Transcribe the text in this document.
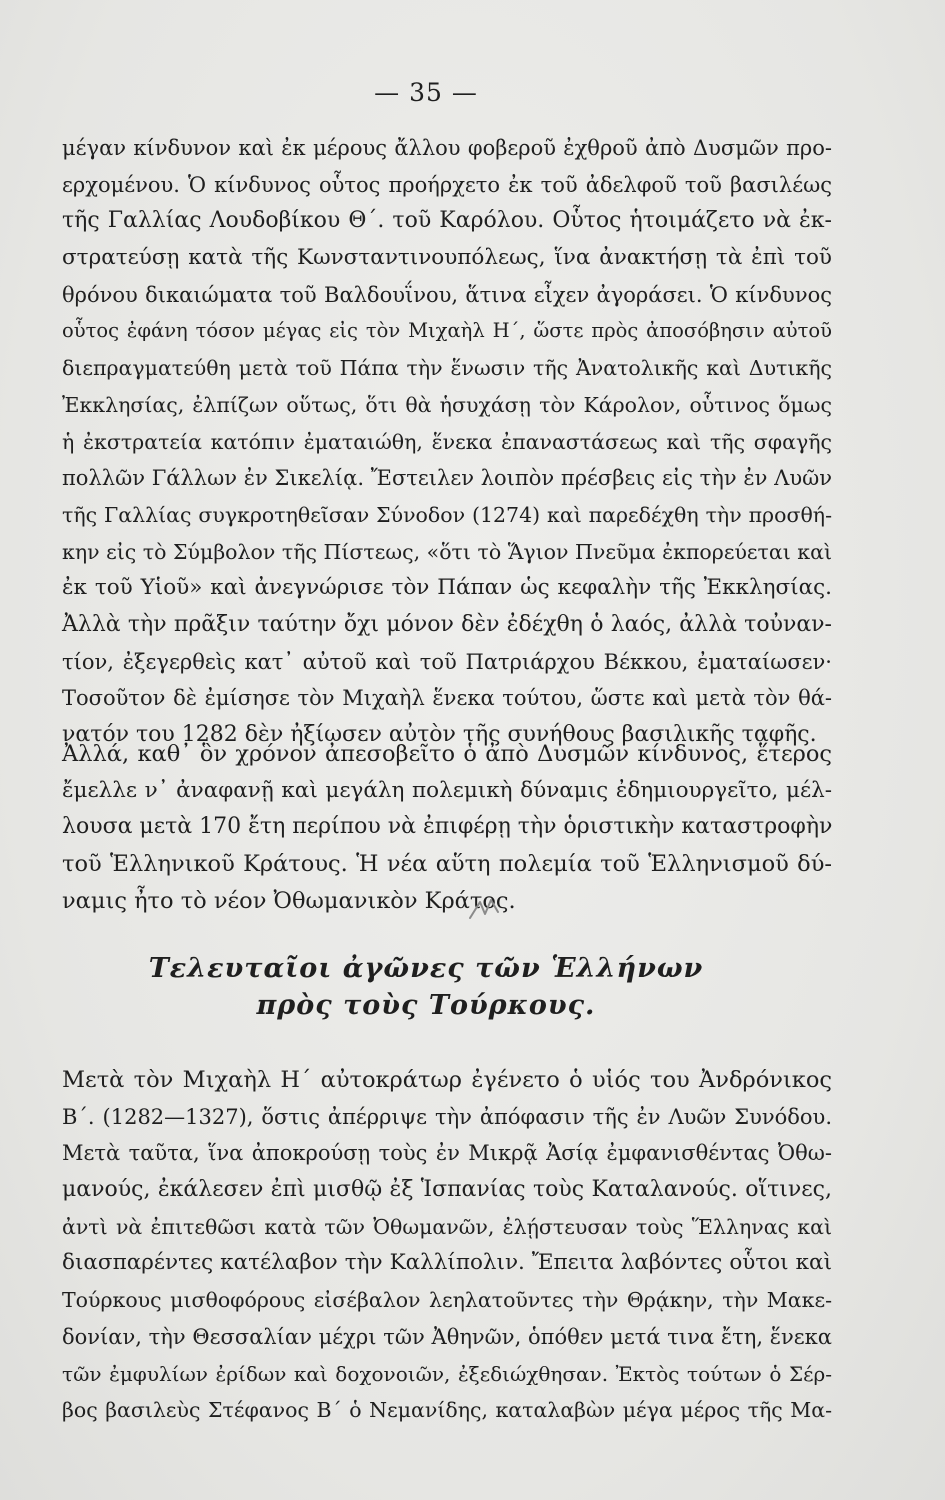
— 35 —
μέγαν κίνδυνον καὶ ἐκ μέρους ἄλλου φοβεροῦ ἐχθροῦ ἀπὸ Δυσμῶν προ-
ερχομένου. Ὁ κίνδυνος οὗτος προήρχετο ἐκ τοῦ ἀδελφοῦ τοῦ βασιλέως
τῆς Γαλλίας Λουδοβίκου Θ΄. τοῦ Καρόλου. Οὗτος ἡτοιμάζετο νὰ ἐκ-
στρατεύσῃ κατὰ τῆς Κωνσταντινουπόλεως, ἵνα ἀνακτήσῃ τὰ ἐπὶ τοῦ
θρόνου δικαιώματα τοῦ Βαλδουΐνου, ἅτινα εἶχεν ἀγοράσει. Ὁ κίνδυνος
οὗτος ἐφάνη τόσον μέγας εἰς τὸν Μιχαὴλ Η΄, ὥστε πρὸς ἀποσόβησιν αὐτοῦ
διεπραγματεύθη μετὰ τοῦ Πάπα τὴν ἕνωσιν τῆς Ἀνατολικῆς καὶ Δυτικῆς
Ἐκκλησίας, ἐλπίζων οὕτως, ὅτι θὰ ἡσυχάσῃ τὸν Κάρολον, οὗτινος ὅμως
ἡ ἐκστρατεία κατόπιν ἐματαιώθη, ἕνεκα ἐπαναστάσεως καὶ τῆς σφαγῆς
πολλῶν Γάλλων ἐν Σικελίᾳ. Ἔστειλεν λοιπὸν πρέσβεις εἰς τὴν ἐν Λυῶν
τῆς Γαλλίας συγκροτηθεῖσαν Σύνοδον (1274) καὶ παρεδέχθη τὴν προσθή-
κην εἰς τὸ Σύμβολον τῆς Πίστεως, «ὅτι τὸ Ἅγιον Πνεῦμα ἐκπορεύεται καὶ
ἐκ τοῦ Υἱοῦ» καὶ ἀνεγνώρισε τὸν Πάπαν ὡς κεφαλὴν τῆς Ἐκκλησίας.
Ἀλλὰ τὴν πρᾶξιν ταύτην ὄχι μόνον δὲν ἐδέχθη ὁ λαός, ἀλλὰ τοὐναν-
τίον, ἐξεγερθεὶς κατ᾽ αὐτοῦ καὶ τοῦ Πατριάρχου Βέκκου, ἐματαίωσεν·
Τοσοῦτον δὲ ἐμίσησε τὸν Μιχαὴλ ἕνεκα τούτου, ὥστε καὶ μετὰ τὸν θά-
νατόν του 1282 δὲν ἠξίωσεν αὐτὸν τῆς συνήθους βασιλικῆς ταφῆς.
Ἀλλά, καθ᾽ ὃν χρόνον ἀπεσοβεῖτο ὁ ἀπὸ Δυσμῶν κίνδυνος, ἕτερος
ἔμελλε ν᾽ ἀναφανῇ καὶ μεγάλη πολεμικὴ δύναμις ἐδημιουργεῖτο, μέλ-
λουσα μετὰ 170 ἔτη περίπου νὰ ἐπιφέρῃ τὴν ὁριστικὴν καταστροφὴν
τοῦ Ἑλληνικοῦ Κράτους. Ἡ νέα αὕτη πολεμία τοῦ Ἑλληνισμοῦ δύ-
ναμις ἦτο τὸ νέον Ὀθωμανικὸν Κράτος.
Τελευταῖοι ἀγῶνες τῶν Ἑλλήνων
πρὸς τοὺς Τούρκους.
Μετὰ τὸν Μιχαὴλ Η΄ αὐτοκράτωρ ἐγένετο ὁ υἱός του Ἀνδρόνικος
Β΄. (1282—1327), ὅστις ἀπέρριψε τὴν ἀπόφασιν τῆς ἐν Λυῶν Συνόδου.
Μετὰ ταῦτα, ἵνα ἀποκρούσῃ τοὺς ἐν Μικρᾷ Ἀσίᾳ ἐμφανισθέντας Ὀθω-
μανούς, ἐκάλεσεν ἐπὶ μισθῷ ἐξ Ἱσπανίας τοὺς Καταλανούς. οἵτινες,
ἀντὶ νὰ ἐπιτεθῶσι κατὰ τῶν Ὀθωμανῶν, ἐλῄστευσαν τοὺς Ἕλληνας καὶ
διασπαρέντες κατέλαβον τὴν Καλλίπολιν. Ἔπειτα λαβόντες οὗτοι καὶ
Τούρκους μισθοφόρους εἰσέβαλον λεηλατοῦντες τὴν Θρᾴκην, τὴν Μακε-
δονίαν, τὴν Θεσσαλίαν μέχρι τῶν Ἀθηνῶν, ὁπόθεν μετά τινα ἔτη, ἕνεκα
τῶν ἐμφυλίων ἐρίδων καὶ δοχονοιῶν, ἐξεδιώχθησαν. Ἐκτὸς τούτων ὁ Σέρ-
βος βασιλεὺς Στέφανος Β΄ ὁ Νεμανίδης, καταλαβὼν μέγα μέρος τῆς Μα-
